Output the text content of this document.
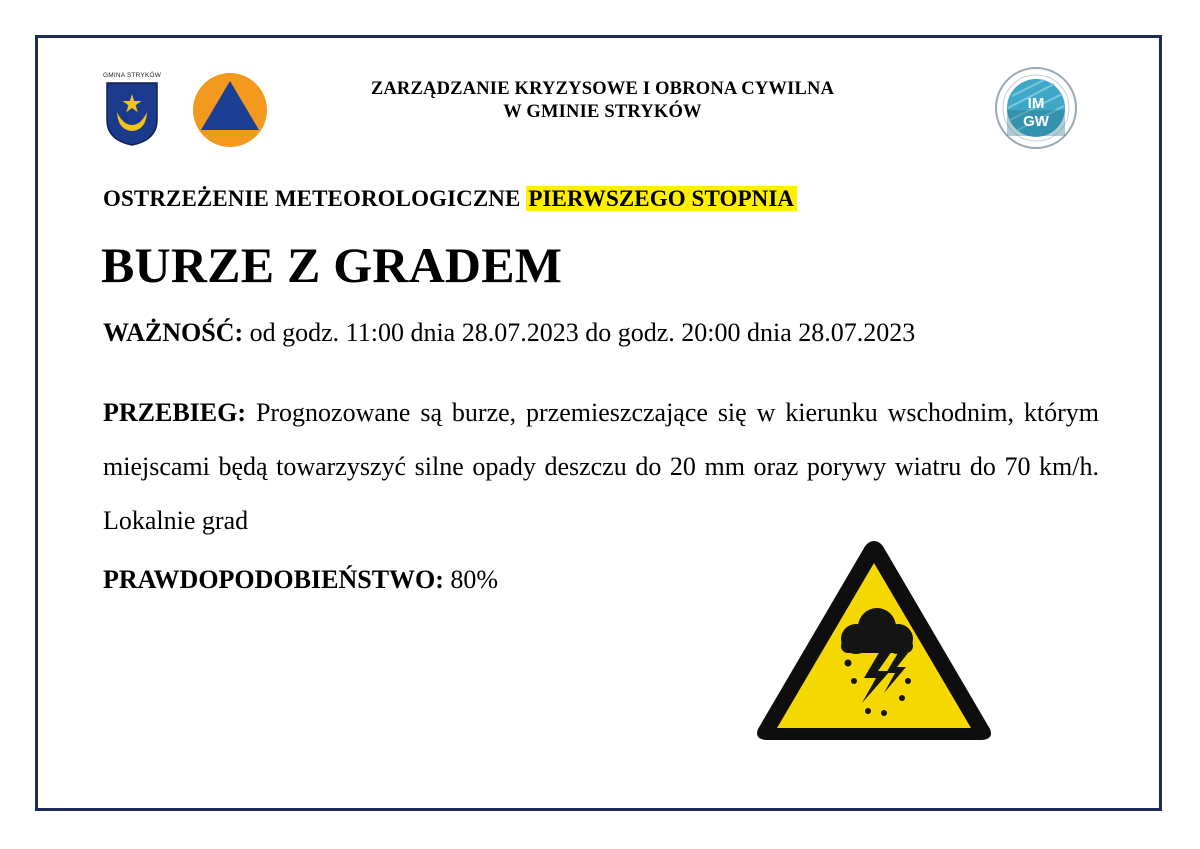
GMINA STRYKÓW
ZARZĄDZANIE KRYZYSOWE I OBRONA CYWILNA
W GMINIE STRYKÓW	IM
GW
OSTRZEŻENIE METEOROLOGICZNE PIERWSZEGO STOPNIA
BURZE Z GRADEM
WAŻNOŚĆ: od godz. 11:00 dnia 28.07.2023 do godz. 20:00 dnia 28.07.2023
PRZEBIEG: Prognozowane są burze, przemieszczające się w kierunku wschodnim, którym miejscami będą towarzyszyć silne opady deszczu do 20 mm oraz porywy wiatru do 70 km/h. Lokalnie grad
PRAWDOPODOBIEŃSTWO: 80%
